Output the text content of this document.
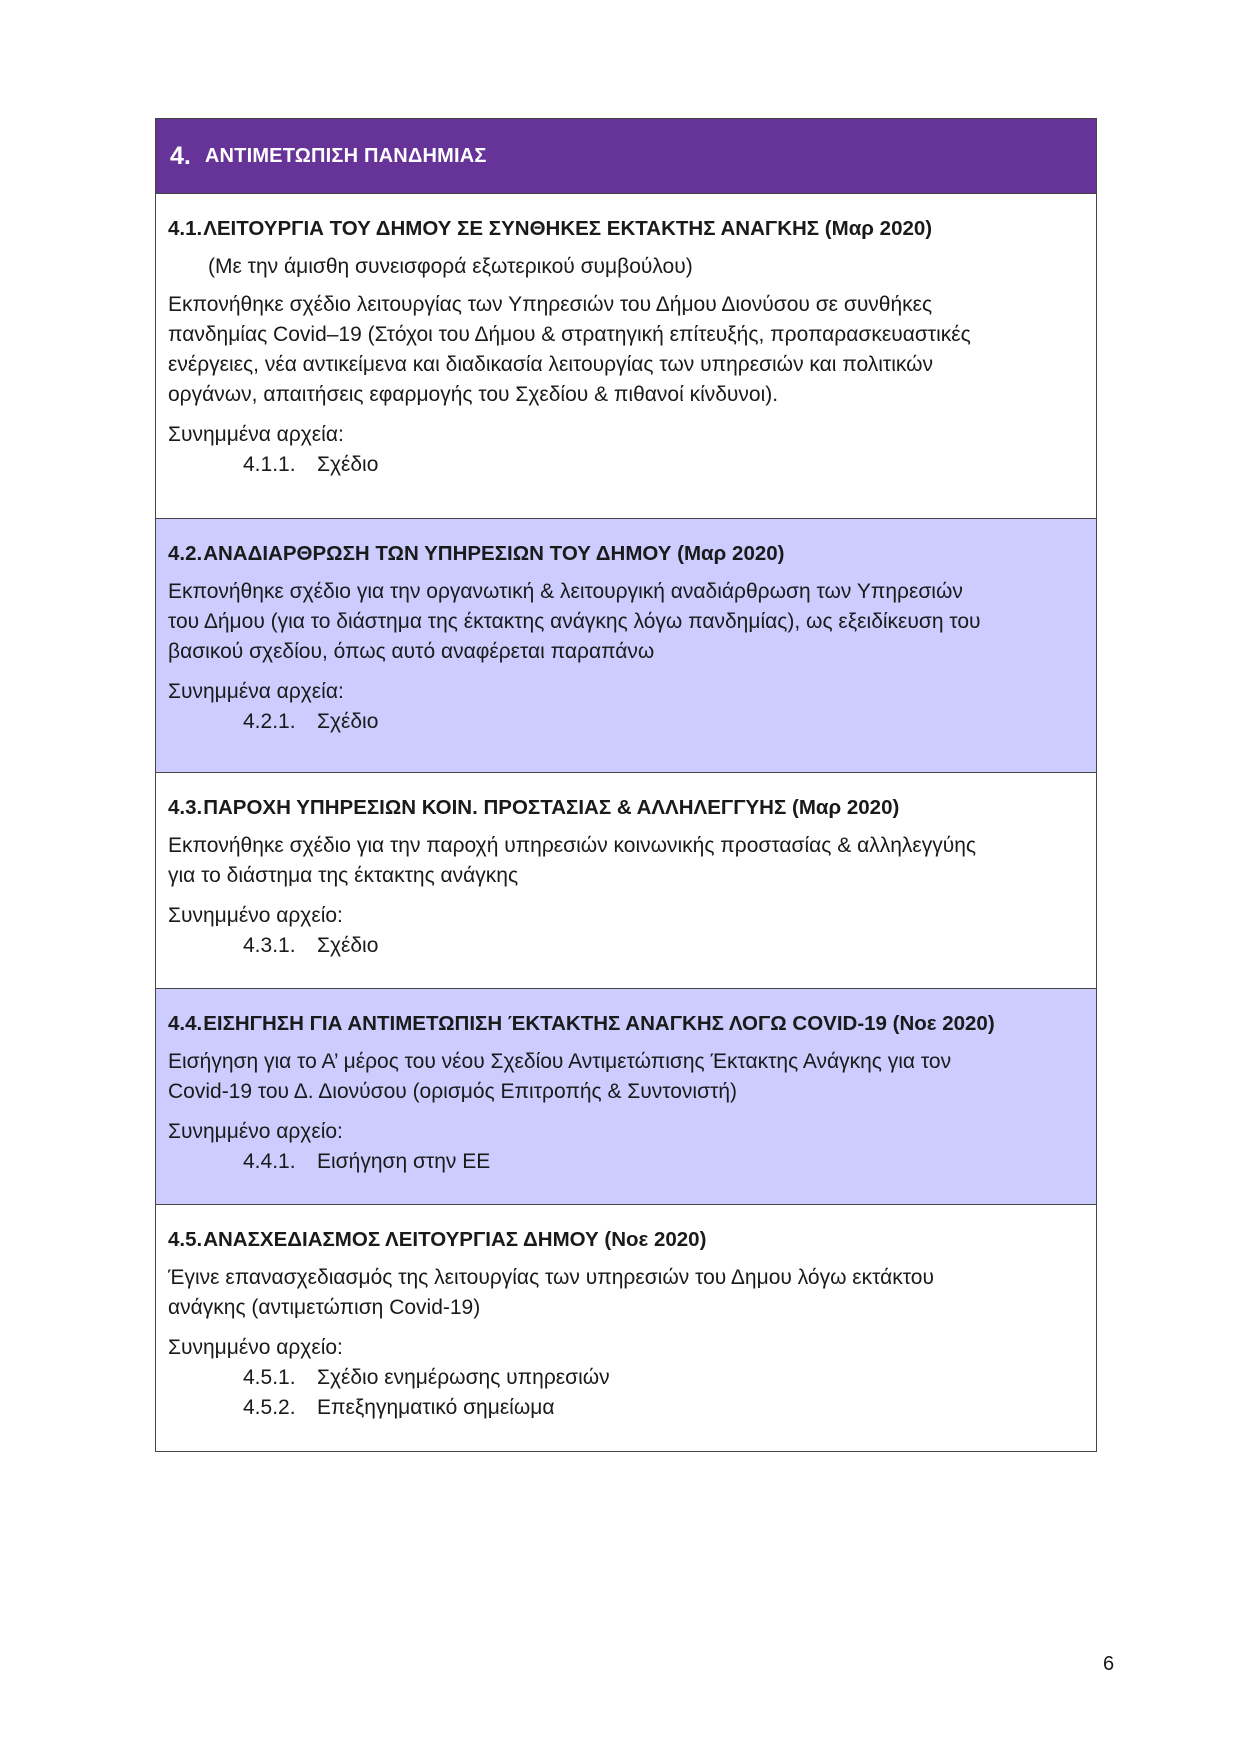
4. ΑΝΤΙΜΕΤΩΠΙΣΗ ΠΑΝΔΗΜΙΑΣ
4.1.ΛΕΙΤΟΥΡΓΙΑ ΤΟΥ ΔΗΜΟΥ ΣΕ ΣΥΝΘΗΚΕΣ ΕΚΤΑΚΤΗΣ ΑΝΑΓΚΗΣ (Μαρ 2020)
(Με την άμισθη συνεισφορά εξωτερικού συμβούλου)
Εκπονήθηκε σχέδιο λειτουργίας των Υπηρεσιών του Δήμου Διονύσου σε συνθήκες
πανδημίας Covid–19 (Στόχοι του Δήμου & στρατηγική επίτευξής, προπαρασκευαστικές
ενέργειες, νέα αντικείμενα και διαδικασία λειτουργίας των υπηρεσιών και πολιτικών
οργάνων, απαιτήσεις εφαρμογής του Σχεδίου & πιθανοί κίνδυνοι).
Συνημμένα αρχεία:
4.1.1.	Σχέδιο
4.2.ΑΝΑΔΙΑΡΘΡΩΣΗ ΤΩΝ ΥΠΗΡΕΣΙΩΝ ΤΟΥ ΔΗΜΟΥ (Μαρ 2020)
Εκπονήθηκε σχέδιο για την οργανωτική & λειτουργική αναδιάρθρωση των Υπηρεσιών
του Δήμου (για το διάστημα της έκτακτης ανάγκης λόγω πανδημίας), ως εξειδίκευση του
βασικού σχεδίου, όπως αυτό αναφέρεται παραπάνω
Συνημμένα αρχεία:
4.2.1.	Σχέδιο
4.3.ΠΑΡΟΧΗ ΥΠΗΡΕΣΙΩΝ ΚΟΙΝ. ΠΡΟΣΤΑΣΙΑΣ & ΑΛΛΗΛΕΓΓΥΗΣ (Μαρ 2020)
Εκπονήθηκε σχέδιο για την παροχή υπηρεσιών κοινωνικής προστασίας & αλληλεγγύης
για το διάστημα της έκτακτης ανάγκης
Συνημμένο αρχείο:
4.3.1.	Σχέδιο
4.4.ΕΙΣΗΓΗΣΗ ΓΙΑ ΑΝΤΙΜΕΤΩΠΙΣΗ ΈΚΤΑΚΤΗΣ ΑΝΑΓΚΗΣ ΛΟΓΩ COVID-19 (Νοε 2020)
Εισήγηση για το Α’ μέρος του νέου Σχεδίου Αντιμετώπισης Έκτακτης Ανάγκης για τον
Covid-19 του Δ. Διονύσου (ορισμός Επιτροπής & Συντονιστή)
Συνημμένο αρχείο:
4.4.1.	Εισήγηση στην ΕΕ
4.5.ΑΝΑΣΧΕΔΙΑΣΜΟΣ ΛΕΙΤΟΥΡΓΙΑΣ ΔΗΜΟΥ (Νοε 2020)
Έγινε επανασχεδιασμός της λειτουργίας των υπηρεσιών του Δημου λόγω εκτάκτου
ανάγκης (αντιμετώπιση Covid-19)
Συνημμένο αρχείο:
4.5.1.	Σχέδιο ενημέρωσης υπηρεσιών
4.5.2.	Επεξηγηματικό σημείωμα
6
